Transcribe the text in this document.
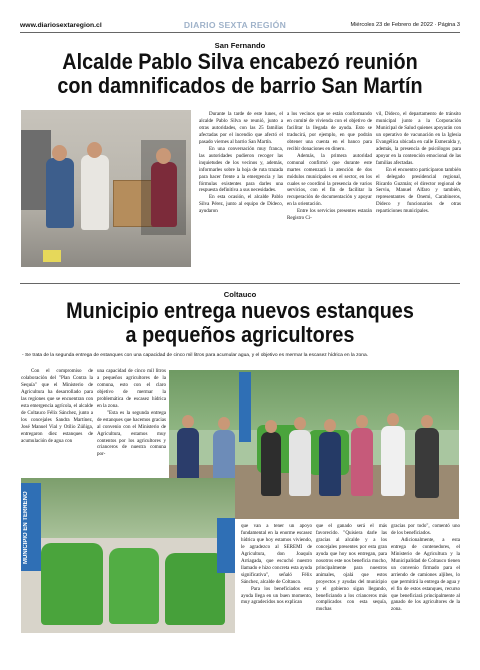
www.diariosextaregion.cl	DIARIO SEXTA REGIÓN	Miércoles 23 de Febrero de 2022 · Página 3
San Fernando
Alcalde Pablo Silva encabezó reunión
con damnificados de barrio San Martín

Durante la tarde de este lunes, el alcalde Pablo Silva se reunió, junto a otras autoridades, con las 25 familias afectadas por el incendio que afectó el pasado viernes al barrio San Martín.

En una conversación muy franca, las autoridades pudieron recoger las inquietudes de los vecinos y, además, informarles sobre la hoja de ruta trazada para hacer frente a la emergencia y las fórmulas existentes para darles una respuesta definitiva a sus necesidades.

En esta ocasión, el alcalde Pablo Silva Pérez, junto al equipo de Dideco, ayudaron

a los vecinos que se están conformando en comité de vivienda con el objetivo de facilitar la llegada de ayuda. Esto se traducirá, por ejemplo, en que podrán obtener una cuenta en el banco para recibir donaciones en dinero.

Además, la primera autoridad comunal confirmó que durante este martes comenzará la atención de dos módulos municipales en el sector, en los cuales se coordinó la presencia de varios servicios, con el fin de facilitar la recuperación de documentación y apoyar en la orientación.

Entre los servicios presentes estarán Registro Ci-

vil, Dideco, el departamento de tránsito municipal junto a la Corporación Municipal de Salud quienes apoyarán con un operativo de vacunación en la Iglesia Evangélica ubicada en calle Esmeralda y, además, la presencia de psicólogos para apoyar en la contención emocional de las familias afectadas.

En el encuentro participaron también el delegado presidencial regional, Ricardo Guzmán; el director regional de Serviu, Manuel Alfaro y también, representantes de Onemi, Carabineros, Dideco y funcionarios de otras reparticiones municipales.

Coltauco
Municipio entrega nuevos estanques
a pequeños agricultores
- Se trata de la segunda entrega de estanques con una capacidad de cinco mil litros para acumular agua, y el objetivo es mermar la escasez hídrica en la zona.

Con el compromiso de colaboración del "Plan Contra la Sequía" que el Ministerio de Agricultura ha desarrollado para las regiones que se encuentran con esta emergencia agrícola, el alcalde de Coltauco Félix Sánchez, junto a los concejales Sandra Martínez, José Manuel Vial y Otilio Zúñiga, entregaron diez estanques de acumulación de agua con

una capacidad de cinco mil litros a pequeños agricultores de la comuna, esto con el claro objetivo de mermar la problemática de escasez hídrica en la zona.

"Esta es la segunda entrega de estanques que hacemos gracias al convenio con el Ministerio de Agricultura, estamos muy contentos por los agricultores y crianceros de nuestra comuna por-

MUNICIPIO EN TERRENO	que van a tener un apoyo fundamental en la enorme escasez hídrica que hoy estamos viviendo, le agradezco al SEREMI de Agricultura, don Joaquín Arriagada, que escuchó nuestro llamado e hizo concreta esta ayuda significativa", señaló Félix Sánchez, alcalde de Coltauco.

Para los beneficiados esta ayuda llega en un buen momento, muy agradecidos nos explican

que el ganado será el más favorecido. "Quisiera darle las gracias al alcalde y a los concejales presentes por esta gran ayuda que hoy nos entregan, para nosotros este nos beneficia mucho, principalmente para nuestros animales, ojalá que estos proyectos y ayudas del municipio y el gobierno sigan llegando, beneficiando a los crianceros más complicados con esta sequía, muchas

gracias por todo", comentó uno de los beneficiados.

Adicionalmente, a esta entrega de contenedores, el Ministerio de Agricultura y la Municipalidad de Coltauco tienen un convenio firmado para el arriendo de camiones aljibes, lo que permitirá la entrega de agua y el fin de estos estanques, recurso que beneficiará principalmente al ganado de los agricultores de la zona.
